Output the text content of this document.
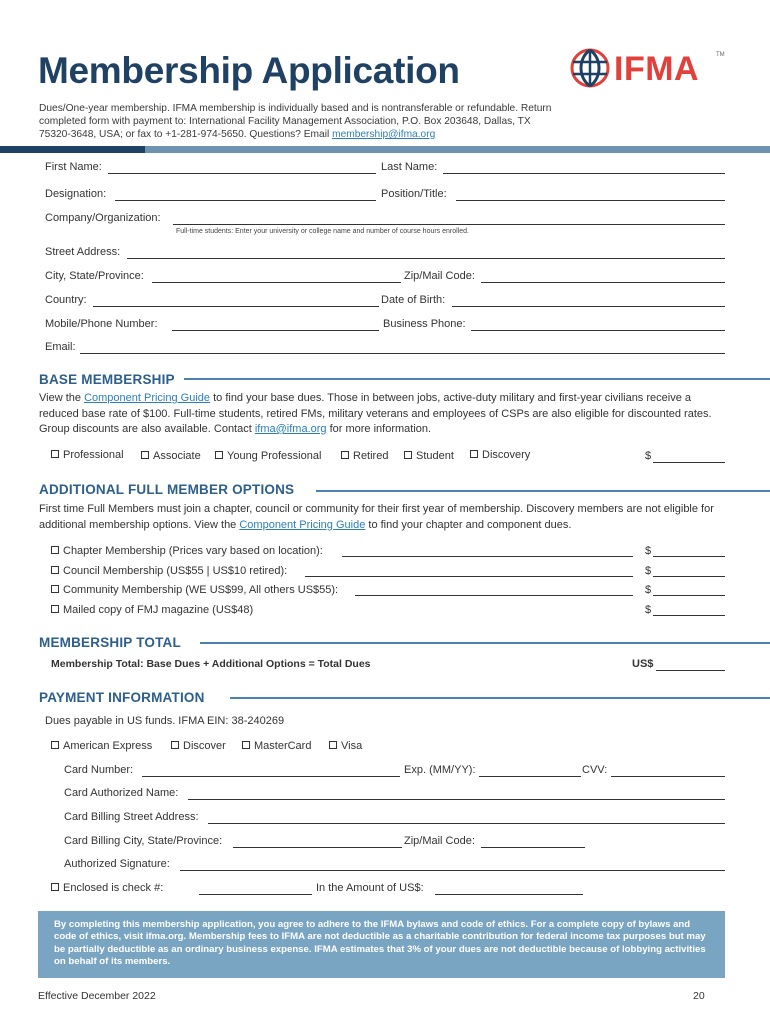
Membership Application
Dues/One-year membership. IFMA membership is individually based and is nontransferable or refundable. Return completed form with payment to: International Facility Management Association, P.O. Box 203648, Dallas, TX 75320-3648, USA; or fax to +1-281-974-5650. Questions? Email membership@ifma.org
IFMA	TM
First Name:	Last Name:
Designation:	Position/Title:
Company/Organization:
Full-time students: Enter your university or college name and number of course hours enrolled.
Street Address:
City, State/Province:	Zip/Mail Code:
Country:	Date of Birth:
Mobile/Phone Number:	Business Phone:
Email:
BASE MEMBERSHIP
View the Component Pricing Guide to find your base dues. Those in between jobs, active-duty military and first-year civilians receive a reduced base rate of $100. Full-time students, retired FMs, military veterans and employees of CSPs are also eligible for discounted rates. Group discounts are also available. Contact ifma@ifma.org for more information.
Professional	Associate	Young Professional	Retired	Student	Discovery	$
ADDITIONAL FULL MEMBER OPTIONS
First time Full Members must join a chapter, council or community for their first year of membership. Discovery members are not eligible for additional membership options. View the Component Pricing Guide to find your chapter and component dues.
Chapter Membership (Prices vary based on location):	$
Council Membership (US$55 | US$10 retired):	$
Community Membership (WE US$99, All others US$55):	$
Mailed copy of FMJ magazine (US$48)	$
MEMBERSHIP TOTAL
Membership Total: Base Dues + Additional Options = Total Dues	US$
PAYMENT INFORMATION
Dues payable in US funds. IFMA EIN: 38-240269
American Express	Discover	MasterCard	Visa
Card Number:	Exp. (MM/YY):	CVV:
Card Authorized Name:
Card Billing Street Address:
Card Billing City, State/Province:	Zip/Mail Code:
Authorized Signature:
Enclosed is check #:	In the Amount of US$:
By completing this membership application, you agree to adhere to the IFMA bylaws and code of ethics. For a complete copy of bylaws and code of ethics, visit ifma.org. Membership fees to IFMA are not deductible as a charitable contribution for federal income tax purposes but may be partially deductible as an ordinary business expense. IFMA estimates that 3% of your dues are not deductible because of lobbying activities on behalf of its members.
Effective December 2022	20
